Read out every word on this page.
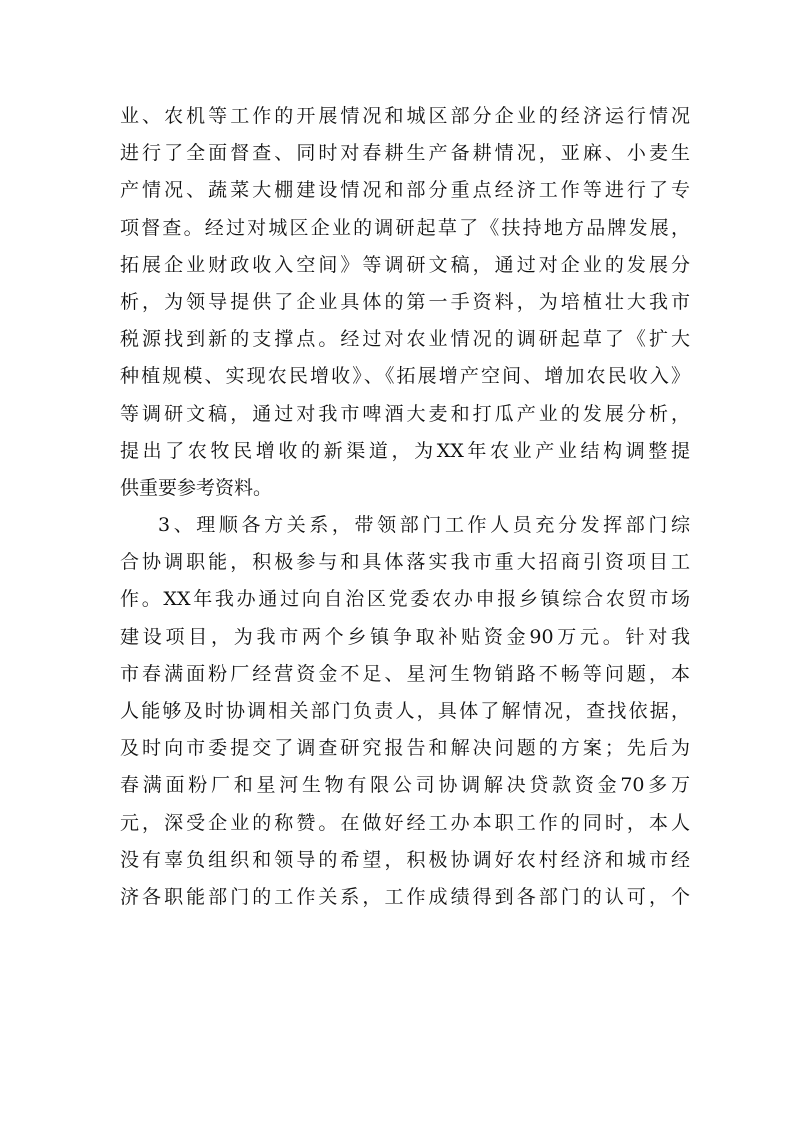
业、农机等工作的开展情况和城区部分企业的经济运行情况
进行了全面督查、同时对春耕生产备耕情况，亚麻、小麦生
产情况、蔬菜大棚建设情况和部分重点经济工作等进行了专
项督查。经过对城区企业的调研起草了《扶持地方品牌发展，
拓展企业财政收入空间》等调研文稿，通过对企业的发展分
析，为领导提供了企业具体的第一手资料，为培植壮大我市
税源找到新的支撑点。经过对农业情况的调研起草了《扩大
种植规模、实现农民增收》、《拓展增产空间、增加农民收入》
等调研文稿，通过对我市啤酒大麦和打瓜产业的发展分析，
提出了农牧民增收的新渠道，为XX年农业产业结构调整提
供重要参考资料。
3、理顺各方关系，带领部门工作人员充分发挥部门综
合协调职能，积极参与和具体落实我市重大招商引资项目工
作。XX年我办通过向自治区党委农办申报乡镇综合农贸市场
建设项目，为我市两个乡镇争取补贴资金90万元。针对我
市春满面粉厂经营资金不足、星河生物销路不畅等问题，本
人能够及时协调相关部门负责人，具体了解情况，查找依据，
及时向市委提交了调查研究报告和解决问题的方案；先后为
春满面粉厂和星河生物有限公司协调解决贷款资金70多万
元，深受企业的称赞。在做好经工办本职工作的同时，本人
没有辜负组织和领导的希望，积极协调好农村经济和城市经
济各职能部门的工作关系，工作成绩得到各部门的认可，个
